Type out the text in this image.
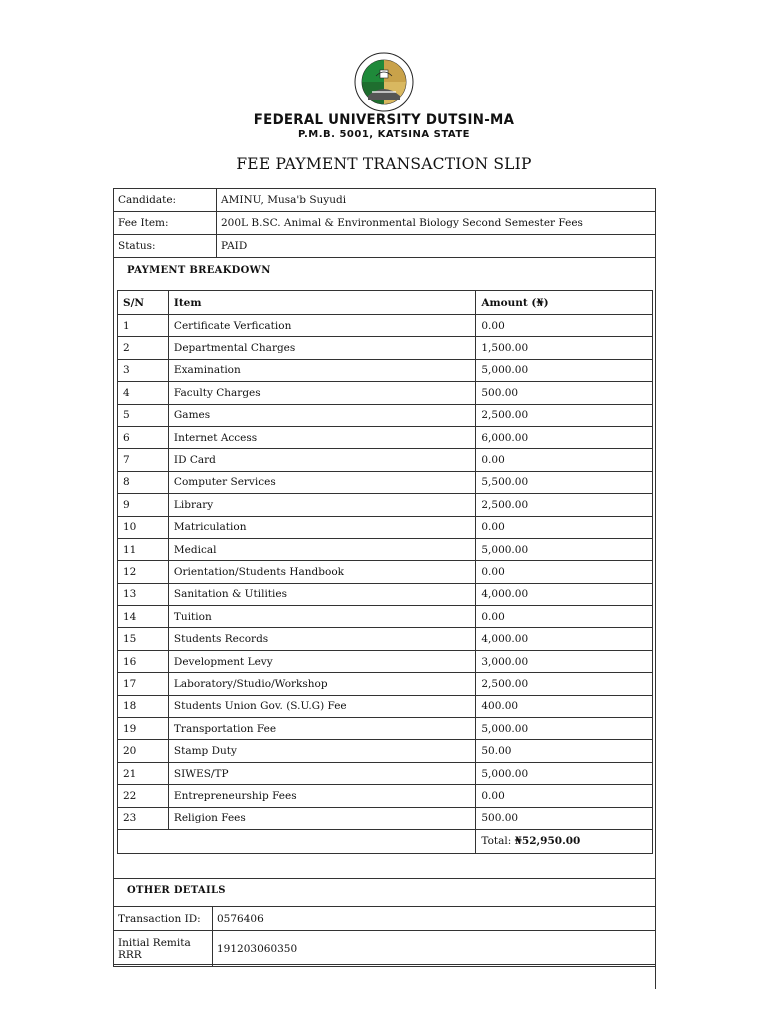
FEDERAL UNIVERSITY DUTSIN-MA
P.M.B. 5001, KATSINA STATE
FEE PAYMENT TRANSACTION SLIP
Candidate:	AMINU, Musa'b Suyudi
Fee Item:	200L B.SC. Animal & Environmental Biology Second Semester Fees
Status:	PAID
PAYMENT BREAKDOWN
S/N	Item	Amount (₦)
1	Certificate Verfication	0.00
2	Departmental Charges	1,500.00
3	Examination	5,000.00
4	Faculty Charges	500.00
5	Games	2,500.00
6	Internet Access	6,000.00
7	ID Card	0.00
8	Computer Services	5,500.00
9	Library	2,500.00
10	Matriculation	0.00
11	Medical	5,000.00
12	Orientation/Students Handbook	0.00
13	Sanitation & Utilities	4,000.00
14	Tuition	0.00
15	Students Records	4,000.00
16	Development Levy	3,000.00
17	Laboratory/Studio/Workshop	2,500.00
18	Students Union Gov. (S.U.G) Fee	400.00
19	Transportation Fee	5,000.00
20	Stamp Duty	50.00
21	SIWES/TP	5,000.00
22	Entrepreneurship Fees	0.00
23	Religion Fees	500.00
		Total: ₦52,950.00
OTHER DETAILS
Transaction ID:	0576406
Initial Remita RRR	191203060350
